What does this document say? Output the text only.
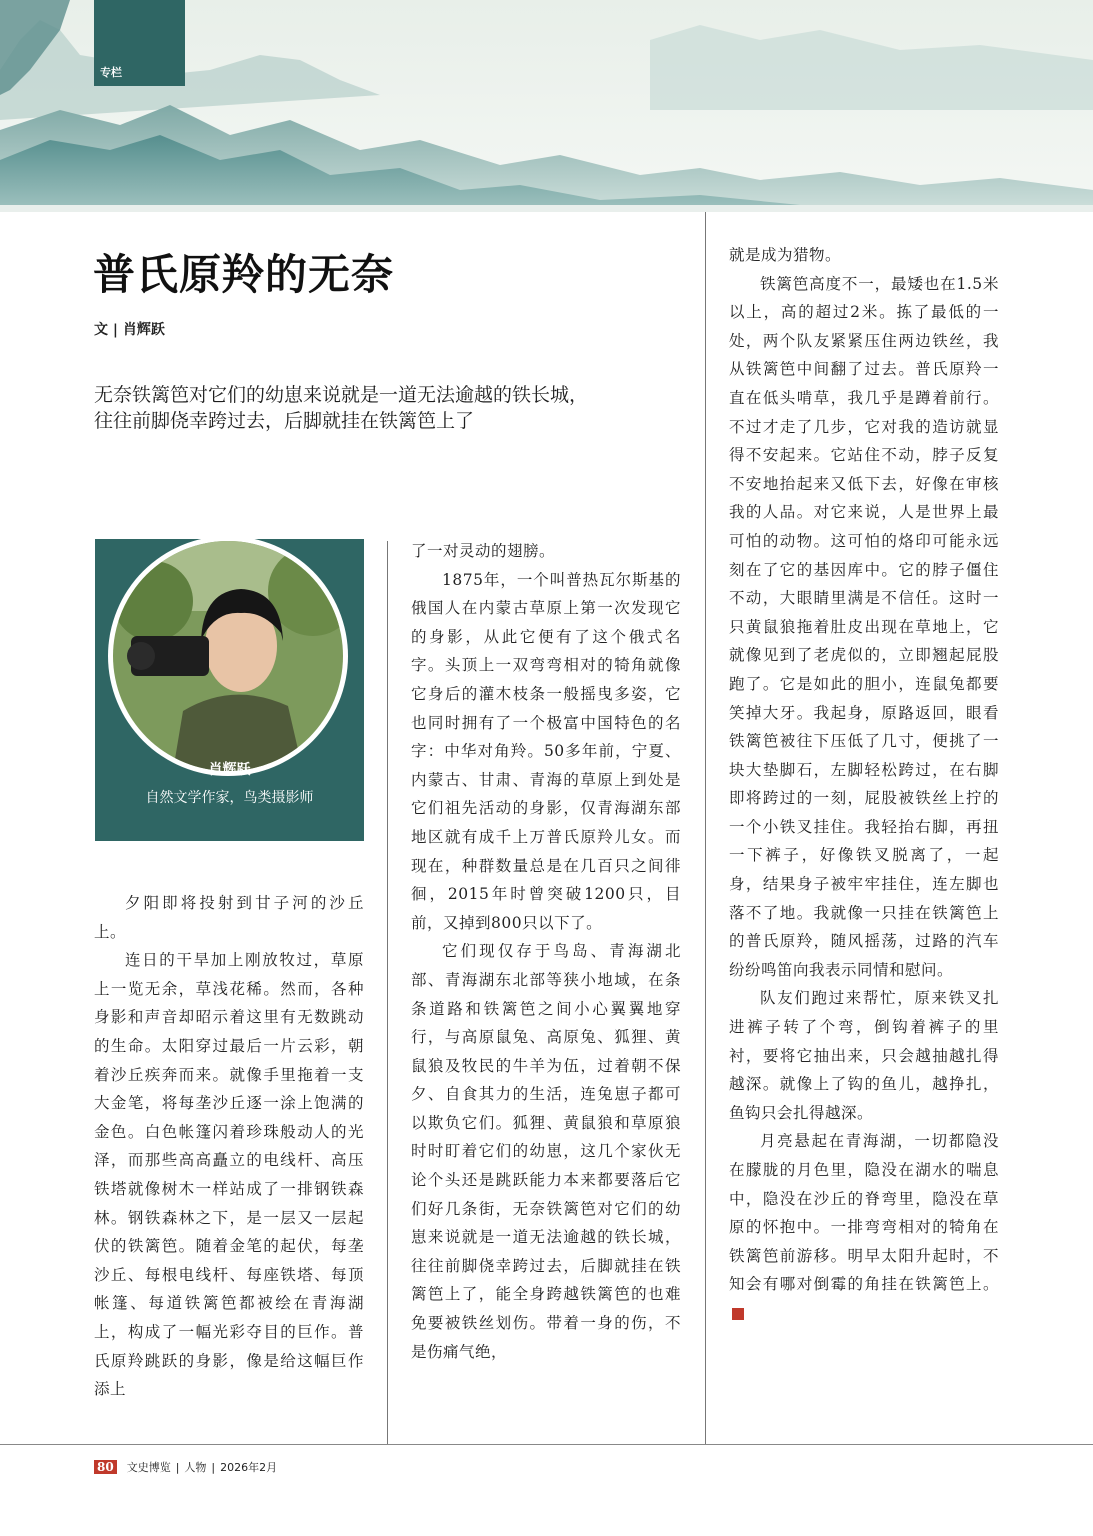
专栏
普氏原羚的无奈
文 | 肖辉跃

无奈铁篱笆对它们的幼崽来说就是一道无法逾越的铁长城，

往往前脚侥幸跨过去，后脚就挂在铁篱笆上了

肖辉跃
自然文学作家，鸟类摄影师

夕阳即将投射到甘子河的沙丘上。

连日的干旱加上刚放牧过，草原上一览无余，草浅花稀。然而，各种身影和声音却昭示着这里有无数跳动的生命。太阳穿过最后一片云彩，朝着沙丘疾奔而来。就像手里拖着一支大金笔，将每垄沙丘逐一涂上饱满的金色。白色帐篷闪着珍珠般动人的光泽，而那些高高矗立的电线杆、高压铁塔就像树木一样站成了一排钢铁森林。钢铁森林之下，是一层又一层起伏的铁篱笆。随着金笔的起伏，每垄沙丘、每根电线杆、每座铁塔、每顶帐篷、每道铁篱笆都被绘在青海湖上，构成了一幅光彩夺目的巨作。普氏原羚跳跃的身影，像是给这幅巨作添上

了一对灵动的翅膀。

1875年，一个叫普热瓦尔斯基的俄国人在内蒙古草原上第一次发现它的身影，从此它便有了这个俄式名字。头顶上一双弯弯相对的犄角就像它身后的灌木枝条一般摇曳多姿，它也同时拥有了一个极富中国特色的名字：中华对角羚。50多年前，宁夏、内蒙古、甘肃、青海的草原上到处是它们祖先活动的身影，仅青海湖东部地区就有成千上万普氏原羚儿女。而现在，种群数量总是在几百只之间徘徊，2015年时曾突破1200只，目前，又掉到800只以下了。

它们现仅存于鸟岛、青海湖北部、青海湖东北部等狭小地域，在条条道路和铁篱笆之间小心翼翼地穿行，与高原鼠兔、高原兔、狐狸、黄鼠狼及牧民的牛羊为伍，过着朝不保夕、自食其力的生活，连兔崽子都可以欺负它们。狐狸、黄鼠狼和草原狼时时盯着它们的幼崽，这几个家伙无论个头还是跳跃能力本来都要落后它们好几条街，无奈铁篱笆对它们的幼崽来说就是一道无法逾越的铁长城，往往前脚侥幸跨过去，后脚就挂在铁篱笆上了，能全身跨越铁篱笆的也难免要被铁丝划伤。带着一身的伤，不是伤痛气绝，

就是成为猎物。

铁篱笆高度不一，最矮也在1.5米以上，高的超过2米。拣了最低的一处，两个队友紧紧压住两边铁丝，我从铁篱笆中间翻了过去。普氏原羚一直在低头啃草，我几乎是蹲着前行。不过才走了几步，它对我的造访就显得不安起来。它站住不动，脖子反复不安地抬起来又低下去，好像在审核我的人品。对它来说，人是世界上最可怕的动物。这可怕的烙印可能永远刻在了它的基因库中。它的脖子僵住不动，大眼睛里满是不信任。这时一只黄鼠狼拖着肚皮出现在草地上，它就像见到了老虎似的，立即翘起屁股跑了。它是如此的胆小，连鼠兔都要笑掉大牙。我起身，原路返回，眼看铁篱笆被往下压低了几寸，便挑了一块大垫脚石，左脚轻松跨过，在右脚即将跨过的一刻，屁股被铁丝上拧的一个小铁叉挂住。我轻抬右脚，再扭一下裤子，好像铁叉脱离了，一起身，结果身子被牢牢挂住，连左脚也落不了地。我就像一只挂在铁篱笆上的普氏原羚，随风摇荡，过路的汽车纷纷鸣笛向我表示同情和慰问。

队友们跑过来帮忙，原来铁叉扎进裤子转了个弯，倒钩着裤子的里衬，要将它抽出来，只会越抽越扎得越深。就像上了钩的鱼儿，越挣扎，鱼钩只会扎得越深。

月亮悬起在青海湖，一切都隐没在朦胧的月色里，隐没在湖水的喘息中，隐没在沙丘的脊弯里，隐没在草原的怀抱中。一排弯弯相对的犄角在铁篱笆前游移。明早太阳升起时，不知会有哪对倒霉的角挂在铁篱笆上。■

80 文史博览 | 人物 | 2026年2月
